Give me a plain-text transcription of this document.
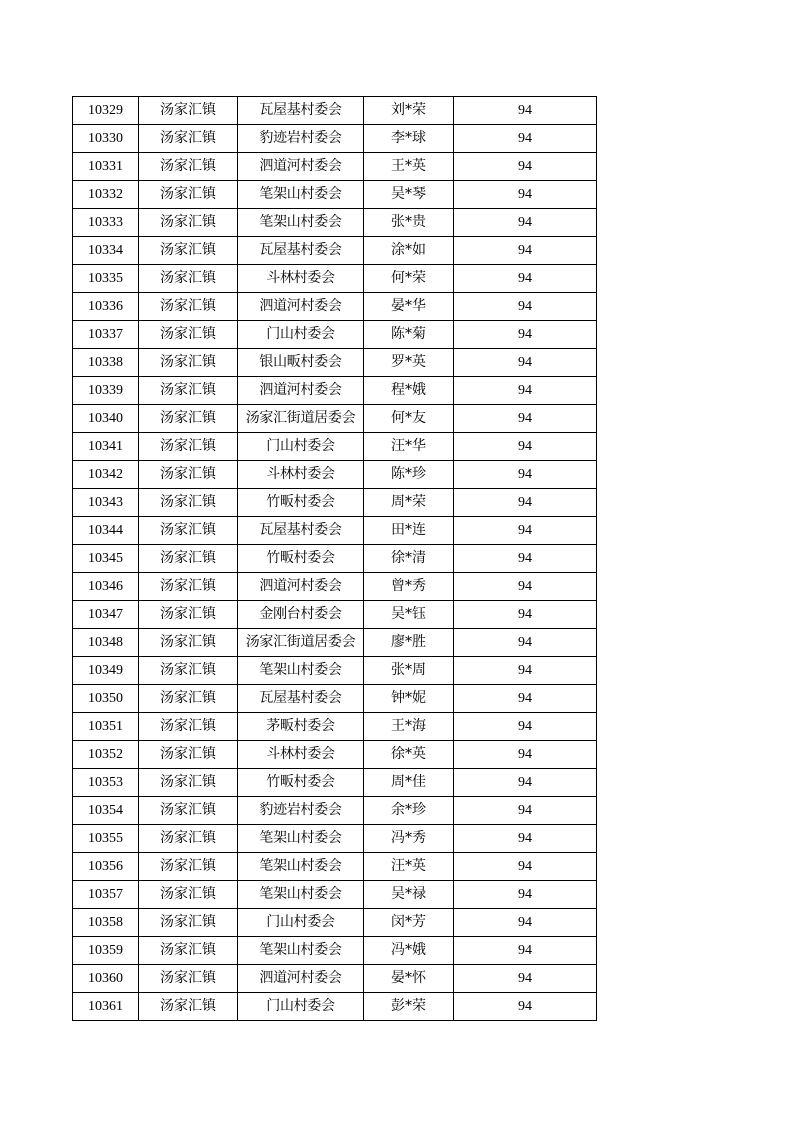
10329	汤家汇镇	瓦屋基村委会	刘*荣	94
10330	汤家汇镇	豹迹岩村委会	李*球	94
10331	汤家汇镇	泗道河村委会	王*英	94
10332	汤家汇镇	笔架山村委会	吴*琴	94
10333	汤家汇镇	笔架山村委会	张*贵	94
10334	汤家汇镇	瓦屋基村委会	涂*如	94
10335	汤家汇镇	斗林村委会	何*荣	94
10336	汤家汇镇	泗道河村委会	晏*华	94
10337	汤家汇镇	门山村委会	陈*菊	94
10338	汤家汇镇	银山畈村委会	罗*英	94
10339	汤家汇镇	泗道河村委会	程*娥	94
10340	汤家汇镇	汤家汇街道居委会	何*友	94
10341	汤家汇镇	门山村委会	汪*华	94
10342	汤家汇镇	斗林村委会	陈*珍	94
10343	汤家汇镇	竹畈村委会	周*荣	94
10344	汤家汇镇	瓦屋基村委会	田*连	94
10345	汤家汇镇	竹畈村委会	徐*清	94
10346	汤家汇镇	泗道河村委会	曾*秀	94
10347	汤家汇镇	金刚台村委会	吴*钰	94
10348	汤家汇镇	汤家汇街道居委会	廖*胜	94
10349	汤家汇镇	笔架山村委会	张*周	94
10350	汤家汇镇	瓦屋基村委会	钟*妮	94
10351	汤家汇镇	茅畈村委会	王*海	94
10352	汤家汇镇	斗林村委会	徐*英	94
10353	汤家汇镇	竹畈村委会	周*佳	94
10354	汤家汇镇	豹迹岩村委会	余*珍	94
10355	汤家汇镇	笔架山村委会	冯*秀	94
10356	汤家汇镇	笔架山村委会	汪*英	94
10357	汤家汇镇	笔架山村委会	吴*禄	94
10358	汤家汇镇	门山村委会	闵*芳	94
10359	汤家汇镇	笔架山村委会	冯*娥	94
10360	汤家汇镇	泗道河村委会	晏*怀	94
10361	汤家汇镇	门山村委会	彭*荣	94
